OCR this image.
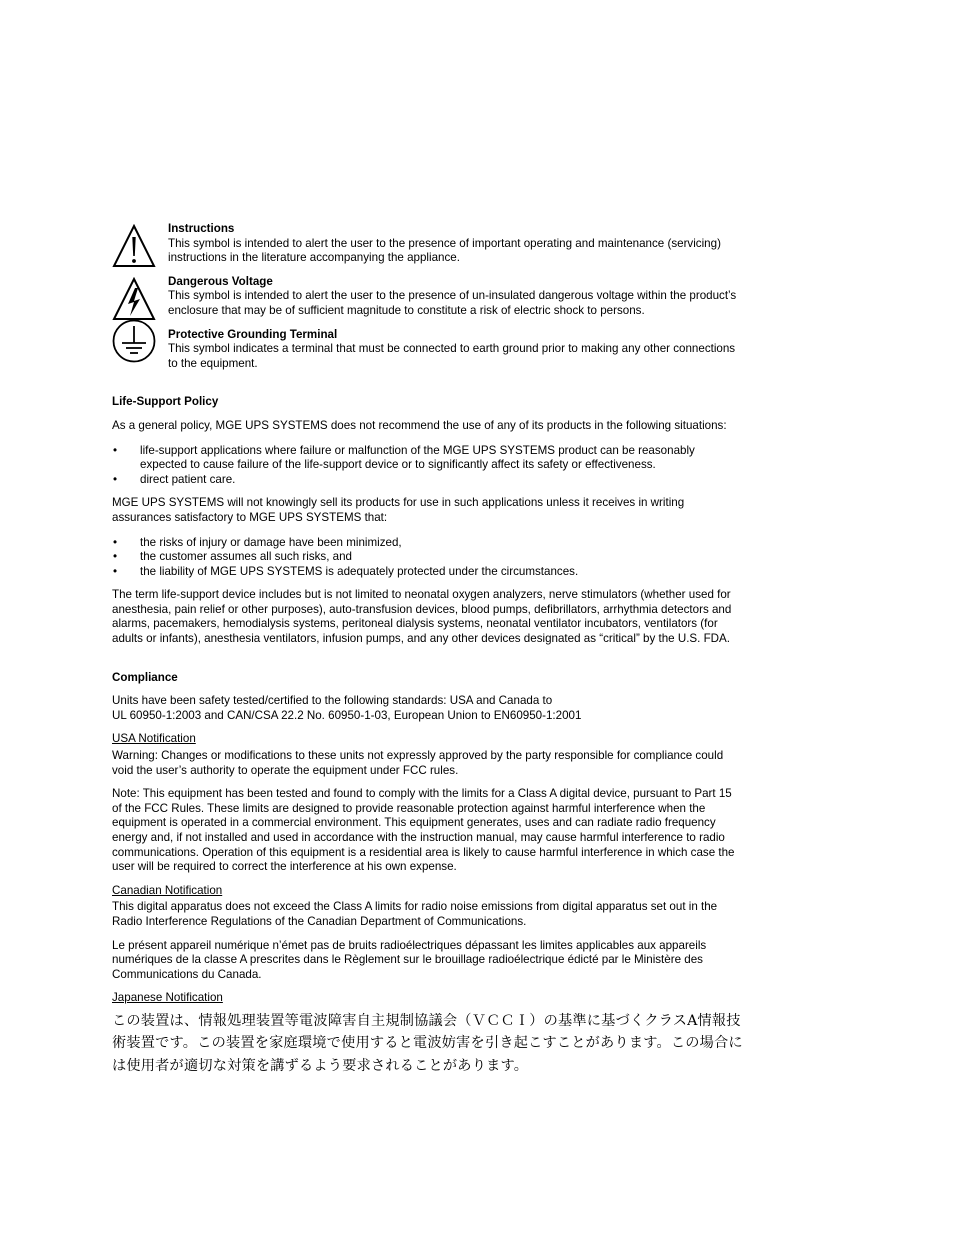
Instructions
This symbol is intended to alert the user to the presence of important operating and maintenance (servicing) instructions in the literature accompanying the appliance.
Dangerous Voltage
This symbol is intended to alert the user to the presence of un-insulated dangerous voltage within the product’s enclosure that may be of sufficient magnitude to constitute a risk of electric shock to persons.
Protective Grounding Terminal
This symbol indicates a terminal that must be connected to earth ground prior to making any other connections to the equipment.

Life-Support Policy

As a general policy, MGE UPS SYSTEMS does not recommend the use of any of its products in the following situations:

• life-support applications where failure or malfunction of the MGE UPS SYSTEMS product can be reasonably expected to cause failure of the life-support device or to significantly affect its safety or effectiveness.
• direct patient care.

MGE UPS SYSTEMS will not knowingly sell its products for use in such applications unless it receives in writing assurances satisfactory to MGE UPS SYSTEMS that:

• the risks of injury or damage have been minimized,
• the customer assumes all such risks, and
• the liability of MGE UPS SYSTEMS is adequately protected under the circumstances.

The term life-support device includes but is not limited to neonatal oxygen analyzers, nerve stimulators (whether used for anesthesia, pain relief or other purposes), auto-transfusion devices, blood pumps, defibrillators, arrhythmia detectors and alarms, pacemakers, hemodialysis systems, peritoneal dialysis systems, neonatal ventilator incubators, ventilators (for adults or infants), anesthesia ventilators, infusion pumps, and any other devices designated as “critical” by the U.S. FDA.

Compliance

Units have been safety tested/certified to the following standards: USA and Canada to
UL 60950-1:2003 and CAN/CSA 22.2 No. 60950-1-03, European Union to EN60950-1:2001

USA Notification

Warning: Changes or modifications to these units not expressly approved by the party responsible for compliance could void the user’s authority to operate the equipment under FCC rules.

Note: This equipment has been tested and found to comply with the limits for a Class A digital device, pursuant to Part 15 of the FCC Rules. These limits are designed to provide reasonable protection against harmful interference when the equipment is operated in a commercial environment. This equipment generates, uses and can radiate radio frequency energy and, if not installed and used in accordance with the instruction manual, may cause harmful interference to radio communications. Operation of this equipment is a residential area is likely to cause harmful interference in which case the user will be required to correct the interference at his own expense.

Canadian Notification

This digital apparatus does not exceed the Class A limits for radio noise emissions from digital apparatus set out in the Radio Interference Regulations of the Canadian Department of Communications.

Le présent appareil numérique n’émet pas de bruits radioélectriques dépassant les limites applicables aux appareils numériques de la classe A prescrites dans le Règlement sur le brouillage radioélectrique édicté par le Ministère des Communications du Canada.

Japanese Notification

この装置は、情報処理装置等電波障害自主規制協議会（ＶＣＣＩ）の基準に基づくクラスA情報技術装置です。この装置を家庭環境で使用すると電波妨害を引き起こすことがあります。この場合には使用者が適切な対策を講ずるよう要求されることがあります。
